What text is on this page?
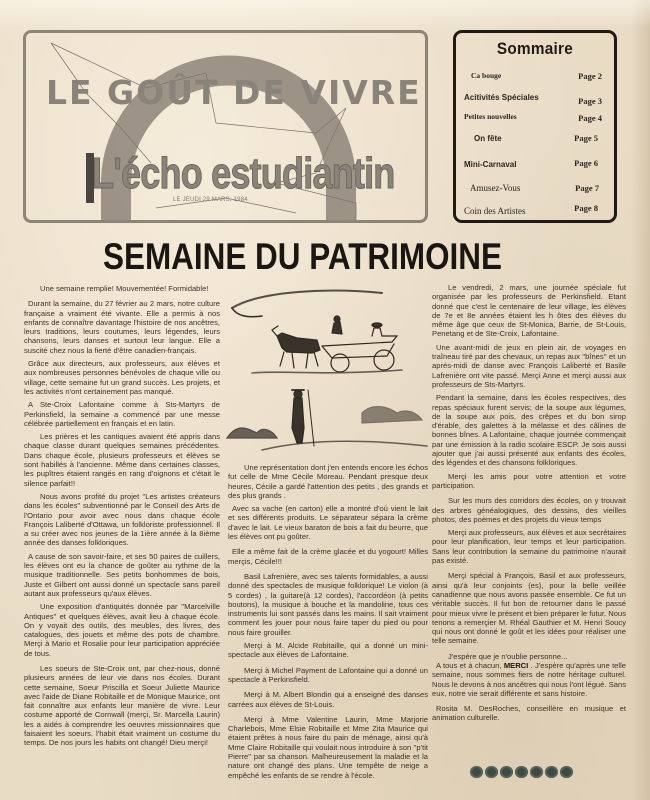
LE GOÛT DE VIVRE
L'écho estudiantin
LE JEUDI 29 MARS, 1984
Sommaire
Ca bouge	Page 2
Acitivités Spéciales	Page 3
Petites nouvelles	Page 4
On fête	Page 5
Mini-Carnaval	Page 6
Amusez-Vous	Page 7
Coin des Artistes	Page 8
SEMAINE DU PATRIMOINE

Une semaine remplie! Mouvementée! Formidable!

Durant la semaine, du 27 février au 2 mars, notre culture française a vraiment été vivante. Elle a permis à nos enfants de connaître davantage l'histoire de nos ancêtres, leurs traditions, leurs coutumes, leurs légendes, leurs chansons, leurs danses et surtout leur langue. Elle a suscité chez nous la fierté d'être canadien-français.

Grâce aux directeurs, aux professeurs, aux élèves et aux nombreuses personnes bénévoles de chaque ville ou village, cette semaine fut un grand succès. Les projets, et les activités n'ont certainement pas manqué.

A Ste-Croix Lafontaine comme à Sts-Martyrs de Perkinsfield, la semaine a commencé par une messe célébrée partiellement en français et en latin.

Les prières et les cantiques avaient été appris dans chaque classe durant quelques semaines précédentes. Dans chaque école, plusieurs professeurs et élèves se sont habillés à l'ancienne. Même dans certaines classes, les pupîtres étaient rangés en rang d'oignons et c'était le silence parfait!!

Nous avons profité du projet ''Les artistes créateurs dans les écoles'' subventionné par le Conseil des Arts de l'Ontario pour avoir avec nous dans chaque école François Laliberté d'Ottawa, un folkloriste professionnel. Il a su créer avec nos jeunes de la 1ière année à la 8ième année des danses folkloriques.

A cause de son savoir-faire, et ses 50 paires de cuillers, les élèves ont eu la chance de goûter au rythme de la musique traditionnelle. Ses petits bonhommes de bois, Juste et Gilbert ont aussi donné un spectacle sans pareil autant aux professeurs qu'aux élèves.

Une exposition d'antiquités donnée par ''Marcelville Antiques'' et quelques élèves, avait lieu à chaque école. On y voyait des outils, des meubles, des livres, des catalogues, des jouets et même des pots de chambre. Merçi à Mario et Rosalie pour leur participation appréciée de tous.

Les soeurs de Ste-Croix ont, par chez-nous, donné plusieurs années de leur vie dans nos écoles. Durant cette semaine, Soeur Priscilla et Soeur Juliette Maurice avec l'aide de Diane Robitaille et de Monique Maurice, ont fait connaître aux enfants leur manière de vivre. Leur costume apporté de Cornwall (merçi, Sr. Marcella Laurin) les a aidés à comprendre les oeuvres missionnaires que faisaient les soeurs. l'habit était vraiment un costume du temps. De nos jours les habits ont changé! Dieu merçi!

Une représentation dont j'en entends encore les échos fut celle de Mme Cécile Moreau. Pendant presque deux heures, Cécile a gardé l'attention des petits , des grands et des plus grands .

Avec sa vache (en carton) elle a montré d'où vient le lait et ses différents produits. Le séparateur sépara la crème d'avec le lait. Le vieux baraton de bois a fait du beurre, que les élèves ont pu goûter.

Elle a même fait de la crème glacée et du yogourt! Milles merçis, Cécile!!!

Basil Lafrenière, avec ses talents formidables, a aussi donné des spectacles de musique folklorique! Le violon (à 5 cordes) , la guitare(à 12 cordes), l'accordéon (à petits boutons), la musique à bouche et la mandoline, tous ces instruments lui sont passés dans les mains. Il sait vraiment comment les jouer pour nous faire taper du pied ou pour nous faire grouiller.

Merçi à M. Alcide Robitaille, qui a donné un mini-spectacle aux élèves de Lafontaine.

Merçi à Michel Payment de Lafontaine qui a donné un spectacle à Perkinsfield.

Merçi à M. Albert Blondin qui a enseigné des danses carrées aux élèves de St-Louis.

Merçi à Mme Valentine Laurin, Mme Marjorie Charlebois, Mme Elsie Robitaille et Mme Zita Maurice qui étaient prêtes à nous faire du pain de ménage, ainsi qu'à Mme Claire Robitaille qui voulait nous introduire à son ''p'tit Pierre'' par sa chanson. Malheureusement la maladie et la nature ont changé des plans. Une tempête de neige a empêché les enfants de se rendre à l'école.

Le vendredi, 2 mars, une journée spéciale fut organisée par les professeurs de Perkinsfield. Etant donné que c'est le centenaire de leur village, les élèves de 7e et 8e années étaient les h ôtes des élèves du même âge que ceux de St-Monica, Barrie, de St-Louis, Penetang et de Ste-Croix, Lafontaine.

Une avant-midi de jeux en plein air, de voyages en traîneau tiré par des chevaux, un repas aux ''bînes'' et un aprés-midi de danse avec François Laliberté et Basile Lafrenière ont vite passé. Merçi Anne et merçi aussi aux professeurs de Sts-Martyrs.

Pendant la semaine, dans les écoles respectives, des repas spéciaux furent servis; de la soupe aux légumes, de la soupe aux pois, des crêpes et du bon sirop d'érable, des galettes à la mélasse et des câlines de bonnes bînes. A Lafontaine, chaque journée commençait par une émission à la radio scolaire ESCP. Je sois aussi ajouter que j'ai aussi présenté aux enfants des écoles, des légendes et des chansons folkloriques.

Merçi les amis pour votre attention et votre participation.

Sur les murs des corridors des écoles, on y trouvait des arbres généalogiques, des dessins, des vieilles photos, des poèmes et des projets du vieux temps

Merçi aux professeurs, aux élèves et aux secrétaires pour leur planification, leur temps et leur participation. Sans leur contribution la semaine du patrimoine n'aurait pas existé.

Merçi spécial à François, Basil et aux professeurs, ainsi qu'à leur conjoints (es), pour la belle veillée canadienne que nous avons passée ensemble. Ce fut un véritable succès. Il fut bon de retourner dans le passé pour mieux vivre le présent et bien préparer le futur. Nous tenons a remerçier M. Rhéal Gauthier et M. Henri Soucy qui nous ont donné le goût et les idées pour réaliser une telle semaine.

J'espère que je n'oublie personne...

A tous et à chacun, MERCI . J'espère qu'après une telle semaine, nous sommes fiers de notre héritage culturel. Nous le devons à nos ancêtres qui nous l'ont légué. Sans eux, notre vie serait différente et sans histoire.

Rosita M. DesRoches, conseillère en musique et animation culturelle.
